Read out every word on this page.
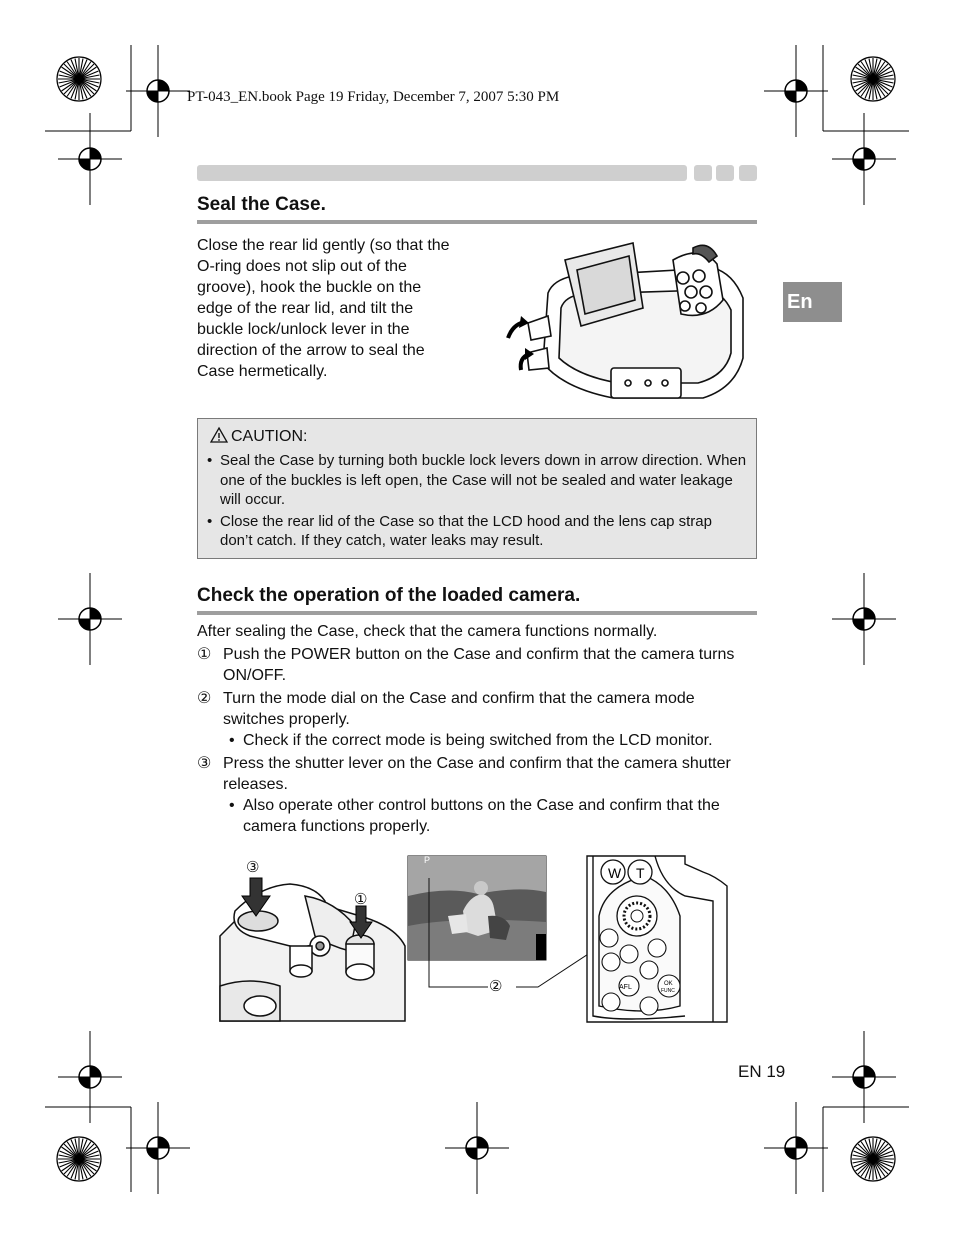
PT-043_EN.book Page 19 Friday, December 7, 2007 5:30 PM
En
Seal the Case.
Close the rear lid gently (so that the
O-ring does not slip out of the
groove), hook the buckle on the
edge of the rear lid, and tilt the
buckle lock/unlock lever in the
direction of the arrow to seal the
Case hermetically.
CAUTION:
• Seal the Case by turning both buckle lock levers down in arrow direction. When one of the buckles is left open, the Case will not be sealed and water leakage will occur.
• Close the rear lid of the Case so that the LCD hood and the lens cap strap don’t catch. If they catch, water leaks may result.
Check the operation of the loaded camera.
After sealing the Case, check that the camera functions normally.
① Push the POWER button on the Case and confirm that the camera turns ON/OFF.
② Turn the mode dial on the Case and confirm that the camera mode switches properly.
• Check if the correct mode is being switched from the LCD monitor.
③ Press the shutter lever on the Case and confirm that the camera shutter releases.
• Also operate other control buttons on the Case and confirm that the camera functions properly.
③
①
P
②
W T
AFL	OK
FUNC
EN 19
